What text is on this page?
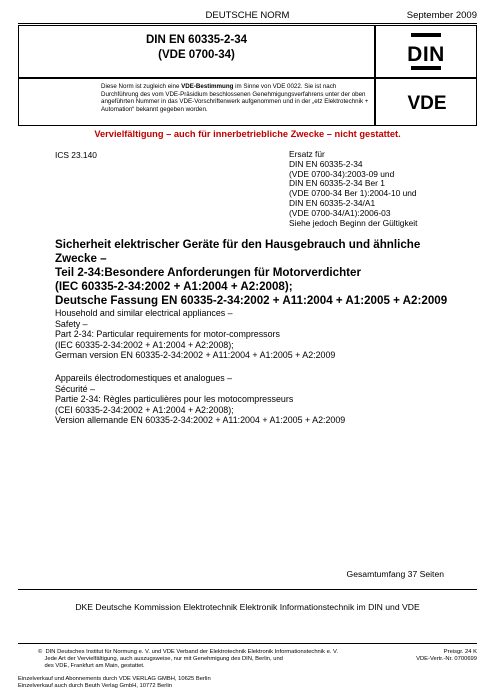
DEUTSCHE NORM	September 2009
DIN EN 60335-2-34
(VDE 0700-34)	DIN
Diese Norm ist zugleich eine VDE-Bestimmung im Sinne von VDE 0022. Sie ist nach Durchführung des vom VDE-Präsidium beschlossenen Genehmigungsverfahrens unter der oben angeführten Nummer in das VDE-Vorschriftenwerk aufgenommen und in der „etz Elektrotechnik + Automation“ bekannt gegeben worden.	VDE
Vervielfältigung – auch für innerbetriebliche Zwecke – nicht gestattet.
ICS 23.140	Ersatz für
DIN EN 60335-2-34
(VDE 0700-34):2003-09 und
DIN EN 60335-2-34 Ber 1
(VDE 0700-34 Ber 1):2004-10 und
DIN EN 60335-2-34/A1
(VDE 0700-34/A1):2006-03
Siehe jedoch Beginn der Gültigkeit
Sicherheit elektrischer Geräte für den Hausgebrauch und ähnliche
Zwecke –
Teil 2-34:Besondere Anforderungen für Motorverdichter
(IEC 60335-2-34:2002 + A1:2004 + A2:2008);
Deutsche Fassung EN 60335-2-34:2002 + A11:2004 + A1:2005 + A2:2009
Household and similar electrical appliances –
Safety –
Part 2-34: Particular requirements for motor-compressors
(IEC 60335-2-34:2002 + A1:2004 + A2:2008);
German version EN 60335-2-34:2002 + A11:2004 + A1:2005 + A2:2009
Appareils électrodomestiques et analogues –
Sécurité –
Partie 2-34: Règles particulières pour les motocompresseurs
(CEI 60335-2-34:2002 + A1:2004 + A2:2008);
Version allemande EN 60335-2-34:2002 + A11:2004 + A1:2005 + A2:2009
Gesamtumfang 37 Seiten
DKE Deutsche Kommission Elektrotechnik Elektronik Informationstechnik im DIN und VDE
©  DIN Deutsches Institut für Normung e. V. und VDE Verband der Elektrotechnik Elektronik Informationstechnik e. V.
Jede Art der Vervielfältigung, auch auszugsweise, nur mit Genehmigung des DIN, Berlin, und
des VDE, Frankfurt am Main, gestattet.
Preisgr. 24 K
VDE-Vertr.-Nr. 0700699
Einzelverkauf und Abonnements durch VDE VERLAG GMBH, 10625 Berlin
Einzelverkauf auch durch Beuth Verlag GmbH, 10772 Berlin
